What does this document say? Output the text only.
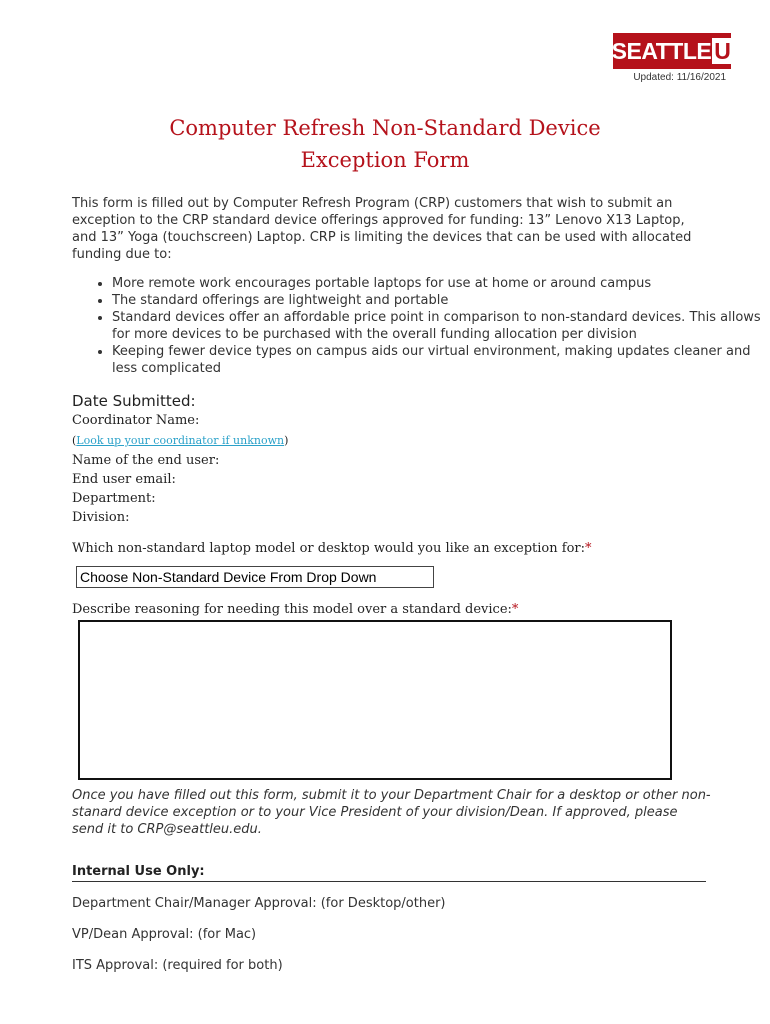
SEATTLE U
Updated: 11/16/2021
Computer Refresh Non-Standard Device
Exception Form
This form is filled out by Computer Refresh Program (CRP) customers that wish to submit an exception to the CRP standard device offerings approved for funding: 13” Lenovo X13 Laptop, and 13” Yoga (touchscreen) Laptop. CRP is limiting the devices that can be used with allocated funding due to:
• More remote work encourages portable laptops for use at home or around campus
• The standard offerings are lightweight and portable
• Standard devices offer an affordable price point in comparison to non-standard devices. This allows for more devices to be purchased with the overall funding allocation per division
• Keeping fewer device types on campus aids our virtual environment, making updates cleaner and less complicated
Date Submitted:
Coordinator Name:
(Look up your coordinator if unknown)
Name of the end user:
End user email:
Department:
Division:
Which non-standard laptop model or desktop would you like an exception for:*
Choose Non-Standard Device From Drop Down
Describe reasoning for needing this model over a standard device:*
Once you have filled out this form, submit it to your Department Chair for a desktop or other non-stanard device exception or to your Vice President of your division/Dean. If approved, please send it to CRP@seattleu.edu.
Internal Use Only:
Department Chair/Manager Approval: (for Desktop/other)
VP/Dean Approval: (for Mac)
ITS Approval: (required for both)
